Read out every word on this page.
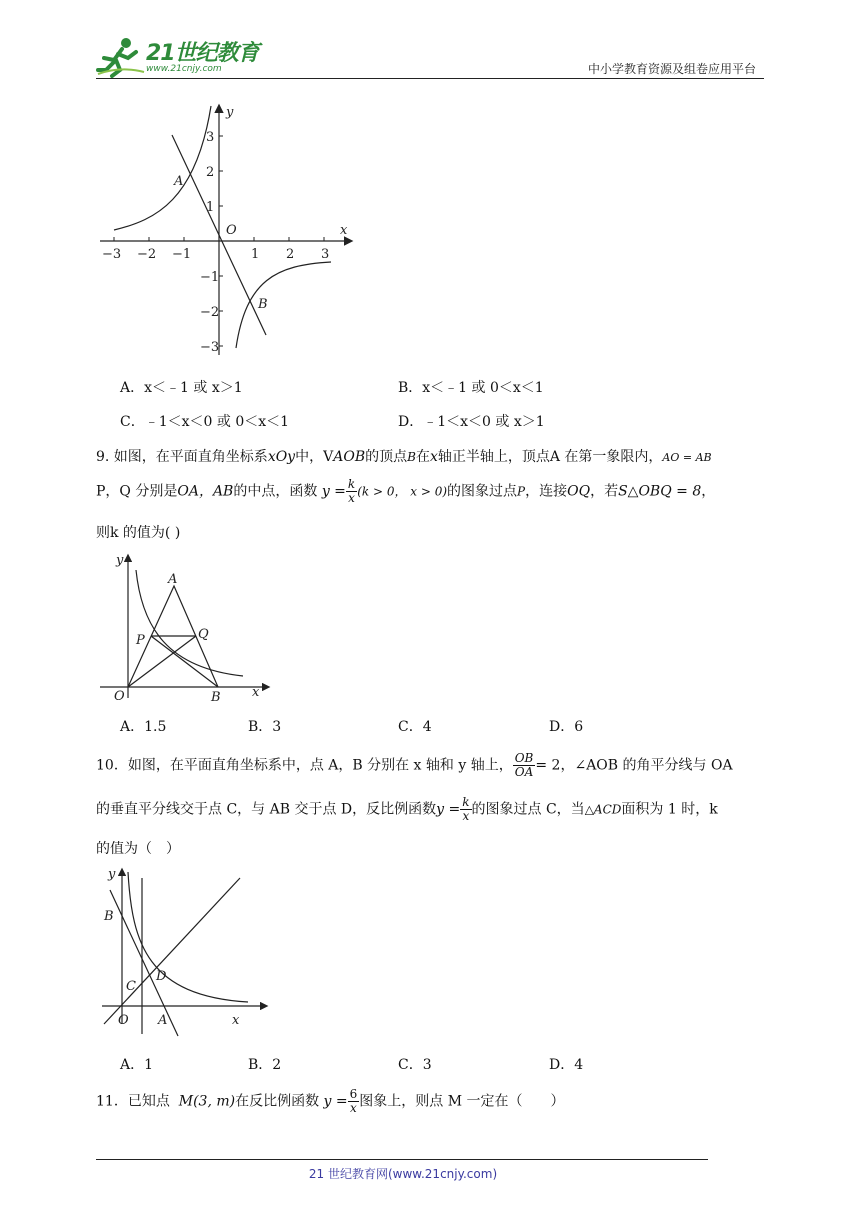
21世纪教育
www.21cnjy.com	中小学教育资源及组卷应用平台
−3 −2 −1	1 2 3
3
2
1
−1
−2
−3
x
y
O
A
B
A．x＜﹣1 或 x＞1	B．x＜﹣1 或 0＜x＜1
C．﹣1＜x＜0 或 0＜x＜1	D．﹣1＜x＜0 或 x＞1
9. 如图，在平面直角坐标系xOy中，VAOB的顶点B在x轴正半轴上，顶点A 在第一象限内，AO = AB
P，Q 分别是OA，AB的中点，函数 $y = \frac{k}{x} (k > 0$， x > 0)的图象过点P，连接OQ，若S△OBQ = 8，
则k 的值为( )
y
x
O
A
B
P	Q
A．1.5	B．3	C．4	D．6
10．如图，在平面直角坐标系中，点 A，B 分别在 x 轴和 y 轴上， $\frac{OB}{OA} = 2$，∠AOB 的角平分线与 OA
的垂直平分线交于点 C，与 AB 交于点 D，反比例函数$y = \frac{k}{x}$ 的图象过点 C，当△ACD面积为 1 时，k
的值为（　）
y
x
O A
B
C
D
A．1	B．2	C．3	D．4
11．已知点 M(3, m)在反比例函数 $y = \frac{6}{x}$ 图象上，则点 M 一定在（　　）
21 世纪教育网(www.21cnjy.com)
